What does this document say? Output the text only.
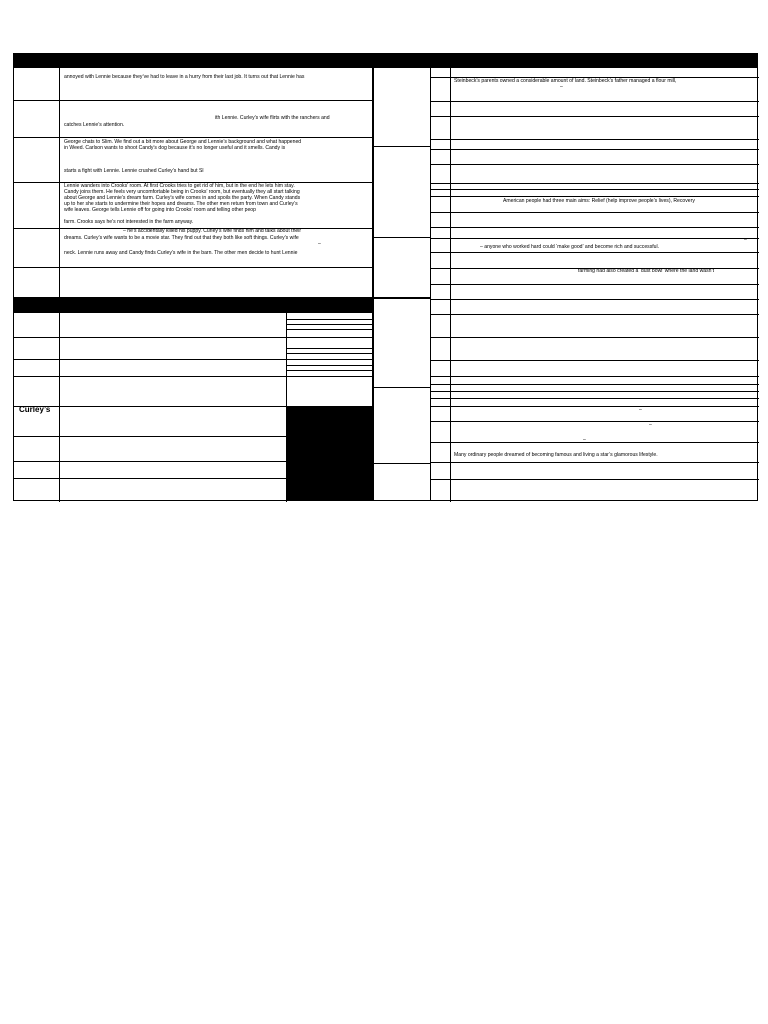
annoyed with Lennie because they’ve had to leave in a hurry from their last job. It turns out that Lennie has
ith Lennie. Curley’s wife flirts with the ranchers and
catches Lennie’s attention.
George chats to Slim. We find out a bit more about George and Lennie’s background and what happened
in Weed. Carlson wants to shoot Candy’s dog because it’s no longer useful and it smells. Candy is
starts a fight with Lennie. Lennie crushed Curley’s hand but Sl
Lennie wanders into Crooks’ room. At first Crooks tries to get rid of him, but in the end he lets him stay.
Candy joins them. He feels very uncomfortable being in Crooks’ room, but eventually they all start talking
about George and Lennie’s dream farm. Curley’s wife comes in and spoils the party. When Candy stands
up to her she starts to undermine their hopes and dreams. The other men return from town and Curley’s
wife leaves. George tells Lennie off for going into Crooks’ room and telling other peop
farm. Crooks says he’s not interested in the farm anyway.
– he’s accidentally killed his puppy. Curley’s wife finds him and talks about their
dreams. Curley’s wife wants to be a movie star. They find out that they both like soft things. Curley’s wife
–
neck. Lennie runs away and Candy finds Curley’s wife in the barn. The other men decide to hunt Lennie
Curley’s
Steinbeck’s parents owned a considerable amount of land. Steinbeck’s father managed a flour mill,
–
American people had three main aims: Relief (help improve people’s lives), Recovery
–
– anyone who worked hard could ‘make good’ and become rich and successful.
farming had also created a ‘dust bowl’ where the land wasn’t
–
–
–
Many ordinary people dreamed of becoming famous and living a star’s glamorous lifestyle.
